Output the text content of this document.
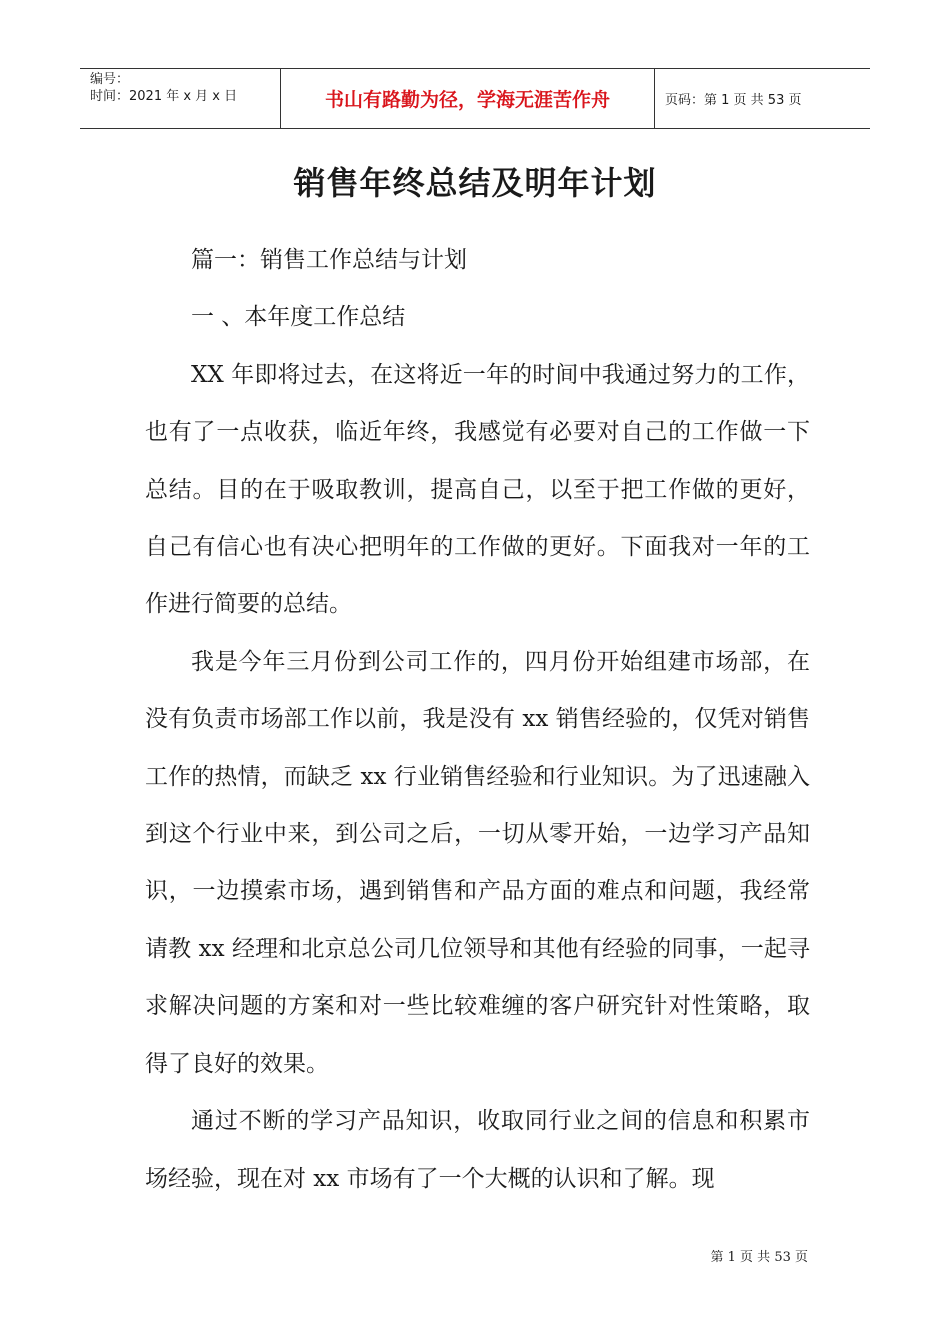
编号：
时间：2021 年 x 月 x 日	书山有路勤为径，学海无涯苦作舟	页码：第 1 页 共 53 页
销售年终总结及明年计划

篇一：销售工作总结与计划

一 、本年度工作总结

XX 年即将过去，在这将近一年的时间中我通过努力的工作，也有了一点收获，临近年终，我感觉有必要对自己的工作做一下总结。目的在于吸取教训，提高自己，以至于把工作做的更好，自己有信心也有决心把明年的工作做的更好。下面我对一年的工作进行简要的总结。

我是今年三月份到公司工作的，四月份开始组建市场部，在没有负责市场部工作以前，我是没有 xx 销售经验的，仅凭对销售工作的热情，而缺乏 xx 行业销售经验和行业知识。为了迅速融入到这个行业中来，到公司之后，一切从零开始，一边学习产品知识，一边摸索市场，遇到销售和产品方面的难点和问题，我经常请教 xx 经理和北京总公司几位领导和其他有经验的同事，一起寻求解决问题的方案和对一些比较难缠的客户研究针对性策略，取得了良好的效果。

通过不断的学习产品知识，收取同行业之间的信息和积累市场经验，现在对 xx 市场有了一个大概的认识和了解。现

第 1 页 共 53 页
